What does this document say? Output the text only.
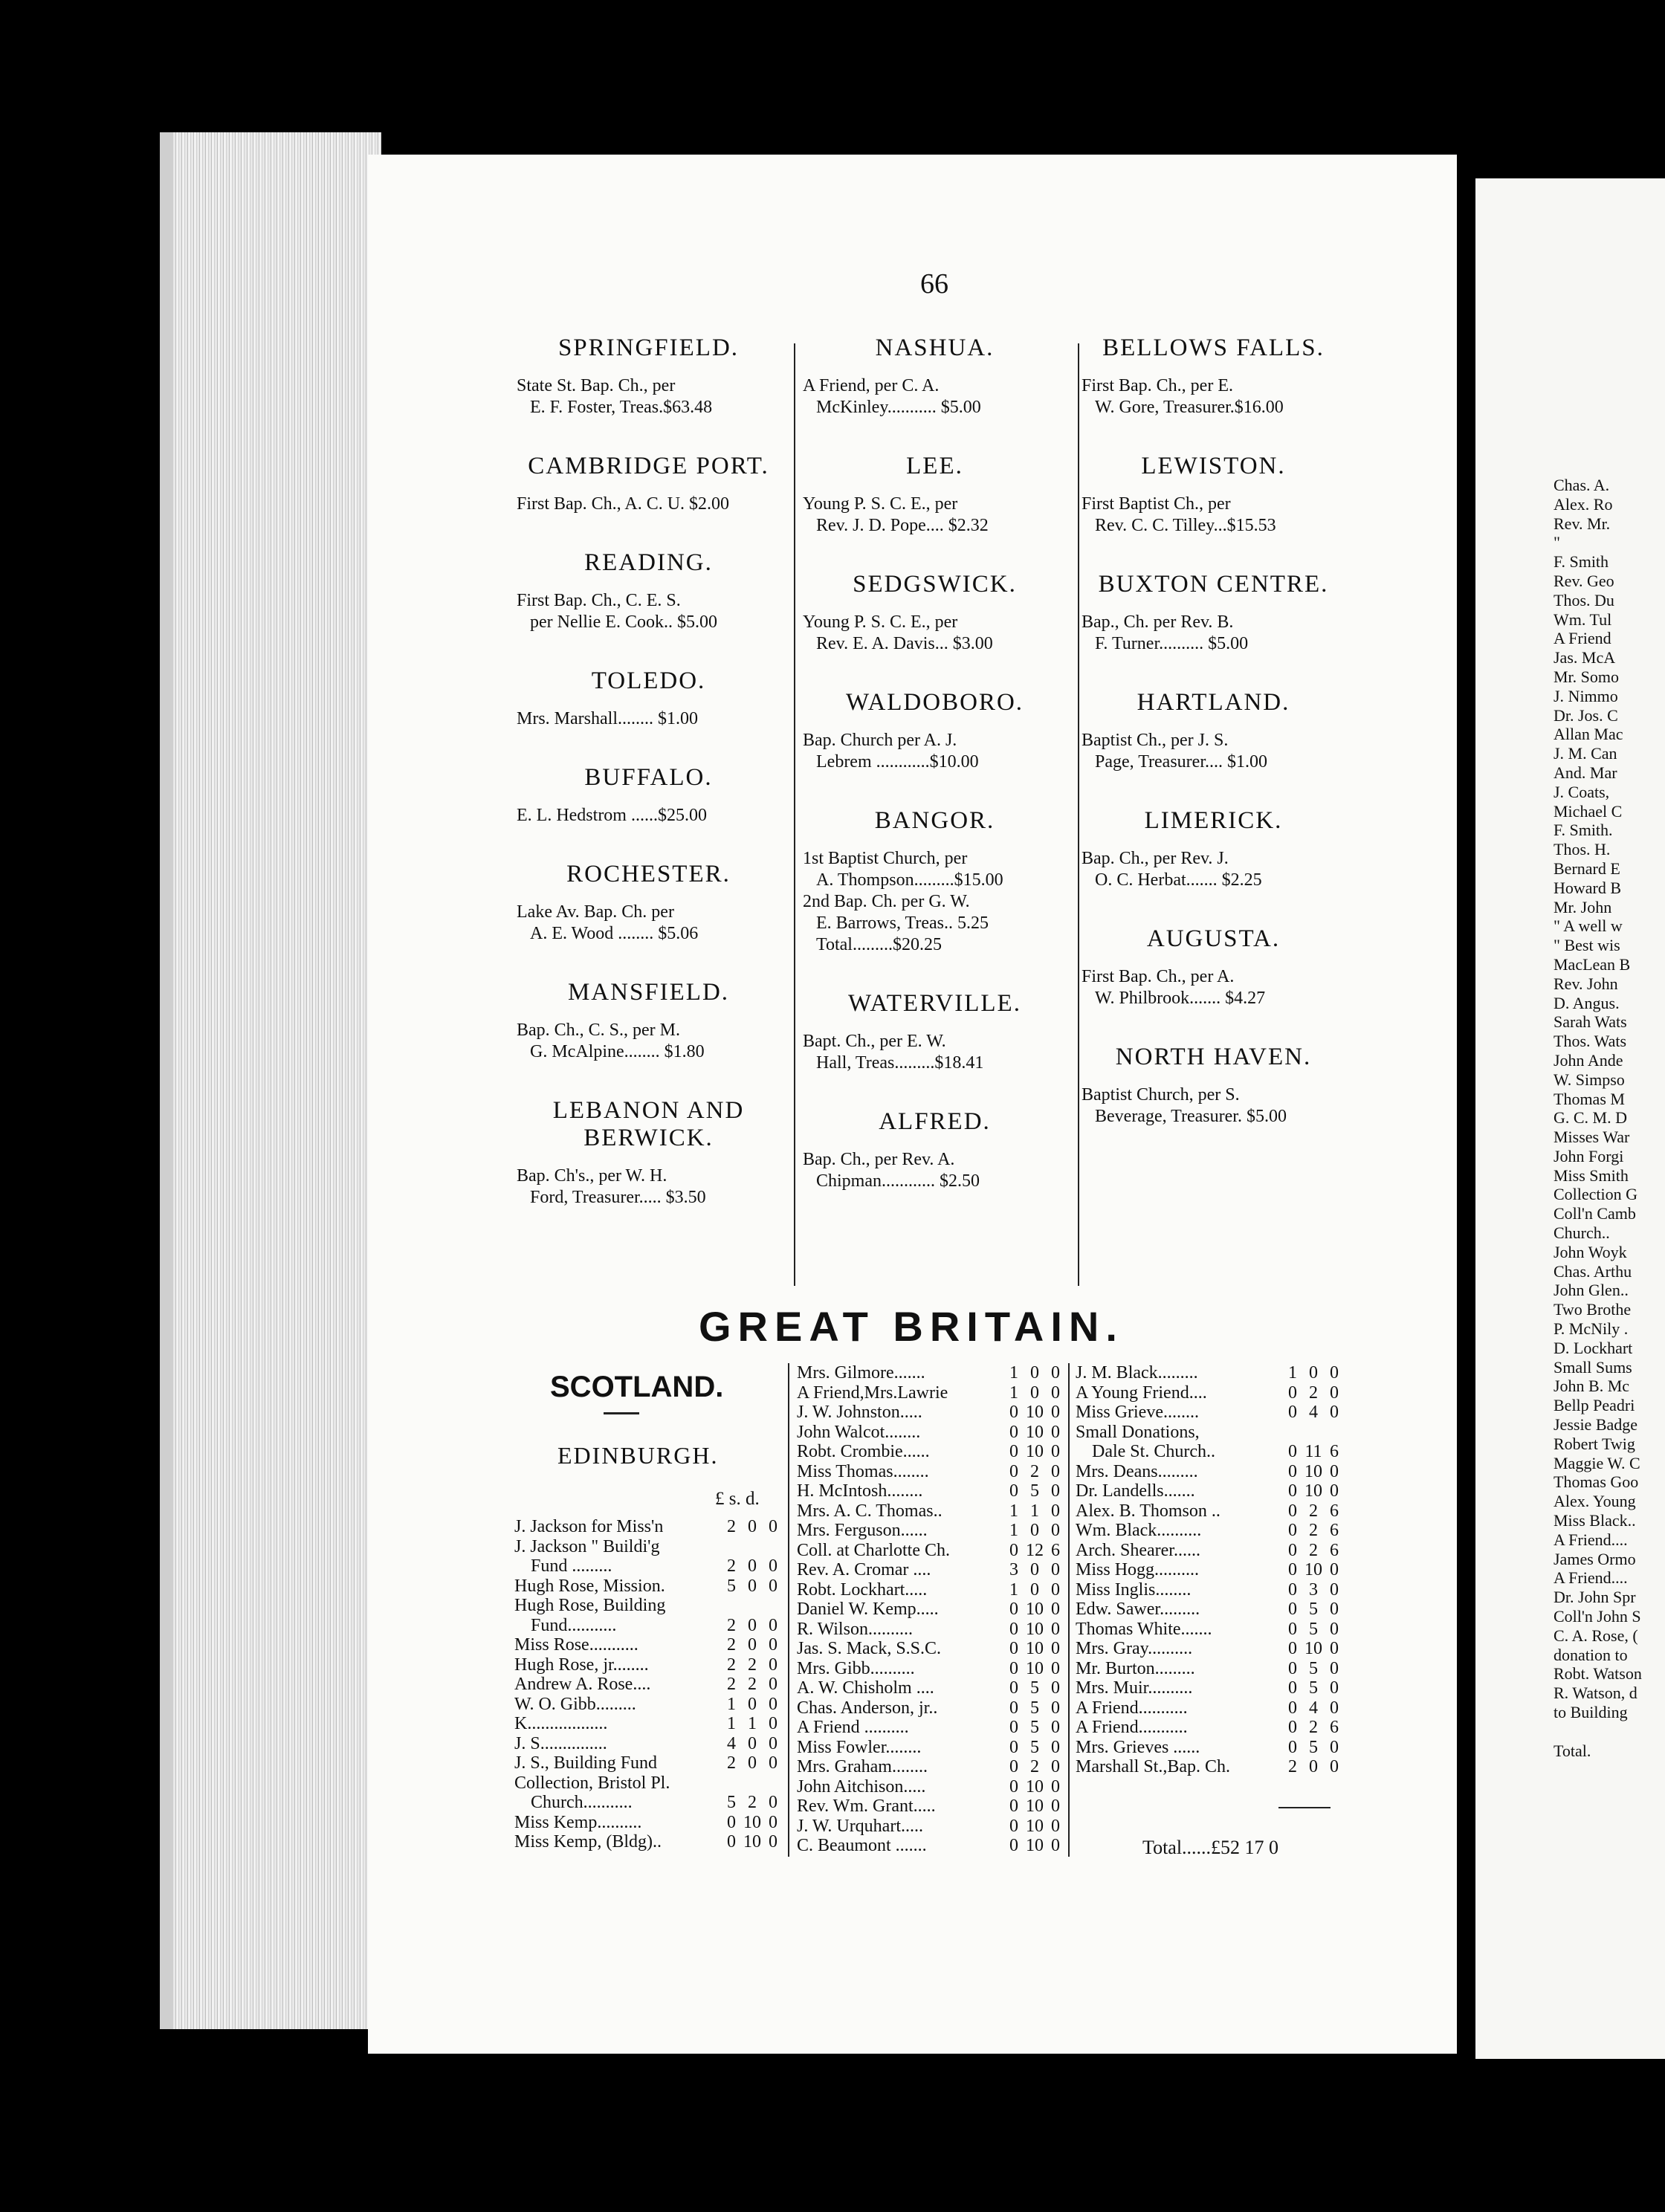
66
SPRINGFIELD.
State St. Bap. Ch., per
E. F. Foster, Treas.$63.48
CAMBRIDGE PORT.
First Bap. Ch., A. C. U. $2.00
READING.
First Bap. Ch., C. E. S.
per Nellie E. Cook.. $5.00
TOLEDO.
Mrs. Marshall........ $1.00
BUFFALO.
E. L. Hedstrom ......$25.00
ROCHESTER.
Lake Av. Bap. Ch. per
A. E. Wood ........ $5.06
MANSFIELD.
Bap. Ch., C. S., per M.
G. McAlpine........ $1.80
LEBANON AND BERWICK.
Bap. Ch's., per W. H.
Ford, Treasurer..... $3.50
NASHUA.
A Friend, per C. A.
McKinley........... $5.00
LEE.
Young P. S. C. E., per
Rev. J. D. Pope.... $2.32
SEDGSWICK.
Young P. S. C. E., per
Rev. E. A. Davis... $3.00
WALDOBORO.
Bap. Church per A. J.
Lebrem ............$10.00
BANGOR.
1st Baptist Church, per
A. Thompson.........$15.00
2nd Bap. Ch. per G. W.
E. Barrows, Treas.. 5.25
Total.........$20.25
WATERVILLE.
Bapt. Ch., per E. W.
Hall, Treas.........$18.41
ALFRED.
Bap. Ch., per Rev. A.
Chipman............ $2.50
BELLOWS FALLS.
First Bap. Ch., per E.
W. Gore, Treasurer.$16.00
LEWISTON.
First Baptist Ch., per
Rev. C. C. Tilley...$15.53
BUXTON CENTRE.
Bap., Ch. per Rev. B.
F. Turner.......... $5.00
HARTLAND.
Baptist Ch., per J. S.
Page, Treasurer.... $1.00
LIMERICK.
Bap. Ch., per Rev. J.
O. C. Herbat....... $2.25
AUGUSTA.
First Bap. Ch., per A.
W. Philbrook....... $4.27
NORTH HAVEN.
Baptist Church, per S.
Beverage, Treasurer. $5.00
GREAT BRITAIN.
SCOTLAND.
EDINBURGH.
£ s. d.
J. Jackson for Miss'n	2 0 0
J. Jackson " Buildi'g
Fund .........	2 0 0
Hugh Rose, Mission.	5 0 0
Hugh Rose, Building
Fund...........	2 0 0
Miss Rose...........	2 0 0
Hugh Rose, jr........	2 2 0
Andrew A. Rose....	2 2 0
W. O. Gibb.........	1 0 0
K..................	1 1 0
J. S...............	4 0 0
J. S., Building Fund	2 0 0
Collection, Bristol Pl.
Church...........	5 2 0
Miss Kemp..........	0 10 0
Miss Kemp, (Bldg)..	0 10 0
Mrs. Gilmore.......	1 0 0
A Friend,Mrs.Lawrie	1 0 0
J. W. Johnston.....	0 10 0
John Walcot........	0 10 0
Robt. Crombie......	0 10 0
Miss Thomas........	0 2 0
H. McIntosh........	0 5 0
Mrs. A. C. Thomas..	1 1 0
Mrs. Ferguson......	1 0 0
Coll. at Charlotte Ch.	0 12 6
Rev. A. Cromar ....	3 0 0
Robt. Lockhart.....	1 0 0
Daniel W. Kemp.....	0 10 0
R. Wilson..........	0 10 0
Jas. S. Mack, S.S.C.	0 10 0
Mrs. Gibb..........	0 10 0
A. W. Chisholm ....	0 5 0
Chas. Anderson, jr..	0 5 0
A Friend ..........	0 5 0
Miss Fowler........	0 5 0
Mrs. Graham........	0 2 0
John Aitchison.....	0 10 0
Rev. Wm. Grant.....	0 10 0
J. W. Urquhart.....	0 10 0
C. Beaumont .......	0 10 0
J. M. Black.........	1 0 0
A Young Friend....	0 2 0
Miss Grieve........	0 4 0
Small Donations,
Dale St. Church..	0 11 6
Mrs. Deans.........	0 10 0
Dr. Landells.......	0 10 0
Alex. B. Thomson ..	0 2 6
Wm. Black..........	0 2 6
Arch. Shearer......	0 2 6
Miss Hogg..........	0 10 0
Miss Inglis........	0 3 0
Edw. Sawer.........	0 5 0
Thomas White.......	0 5 0
Mrs. Gray..........	0 10 0
Mr. Burton.........	0 5 0
Mrs. Muir..........	0 5 0
A Friend...........	0 4 0
A Friend...........	0 2 6
Mrs. Grieves ......	0 5 0
Marshall St.,Bap. Ch.	2 0 0
Total......£52 17 0
Chas. A.
Alex. Ro
Rev. Mr.
"
F. Smith
Rev. Geo
Thos. Du
Wm. Tul
A Friend
Jas. McA
Mr. Somo
J. Nimmo
Dr. Jos. C
Allan Mac
J. M. Can
And. Mar
J. Coats,
Michael C
F. Smith.
Thos. H.
Bernard E
Howard B
Mr. John
" A well w
" Best wis
MacLean B
Rev. John
D. Angus.
Sarah Wats
Thos. Wats
John Ande
W. Simpso
Thomas M
G. C. M. D
Misses War
John Forgi
Miss Smith
Collection G
Coll'n Camb
Church..
John Woyk
Chas. Arthu
John Glen..
Two Brothe
P. McNily .
D. Lockhart
Small Sums
John B. Mc
Bellp Peadri
Jessie Badge
Robert Twig
Maggie W. C
Thomas Goo
Alex. Young
Miss Black..
A Friend....
James Ormo
A Friend....
Dr. John Spr
Coll'n John S
C. A. Rose, (
donation to
Robt. Watson
R. Watson, d
to Building

Total.
